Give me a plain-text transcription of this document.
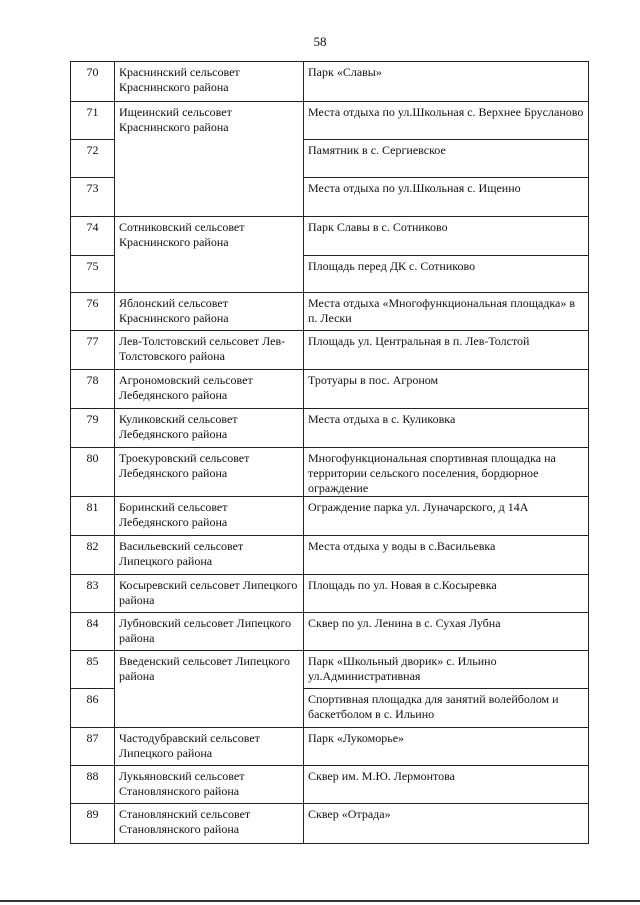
58
70	Краснинский сельсовет Краснинского района	Парк «Славы»
71	Ищеинский сельсовет Краснинского района	Места отдыха по ул.Школьная с. Верхнее Брусланово
72		Памятник в с. Сергиевское
73		Места отдыха по ул.Школьная с. Ищеино
74	Сотниковский сельсовет Краснинского района	Парк Славы в с. Сотниково
75		Площадь перед ДК с. Сотниково
76	Яблонский сельсовет Краснинского района	Места отдыха «Многофункциональная площадка» в п. Лески
77	Лев-Толстовский сельсовет Лев-Толстовского района	Площадь ул. Центральная в п. Лев-Толстой
78	Агрономовский сельсовет Лебедянского района	Тротуары в пос. Агроном
79	Куликовский сельсовет Лебедянского района	Места отдыха в с. Куликовка
80	Троекуровский сельсовет Лебедянского района	Многофункциональная спортивная площадка на территории сельского поселения, бордюрное ограждение
81	Боринский сельсовет Лебедянского района	Ограждение парка ул. Луначарского, д 14А
82	Васильевский сельсовет Липецкого района	Места отдыха у воды в с.Васильевка
83	Косыревский сельсовет Липецкого района	Площадь по ул. Новая в с.Косыревка
84	Лубновский сельсовет Липецкого района	Сквер по ул. Ленина в с. Сухая Лубна
85	Введенский сельсовет Липецкого района	Парк «Школьный дворик» с. Ильино ул.Административная
86		Спортивная площадка для занятий волейболом и баскетболом в с. Ильино
87	Частодубравский сельсовет Липецкого района	Парк «Лукоморье»
88	Лукьяновский сельсовет Становлянского района	Сквер им. М.Ю. Лермонтова
89	Становлянский сельсовет Становлянского района	Сквер «Отрада»
